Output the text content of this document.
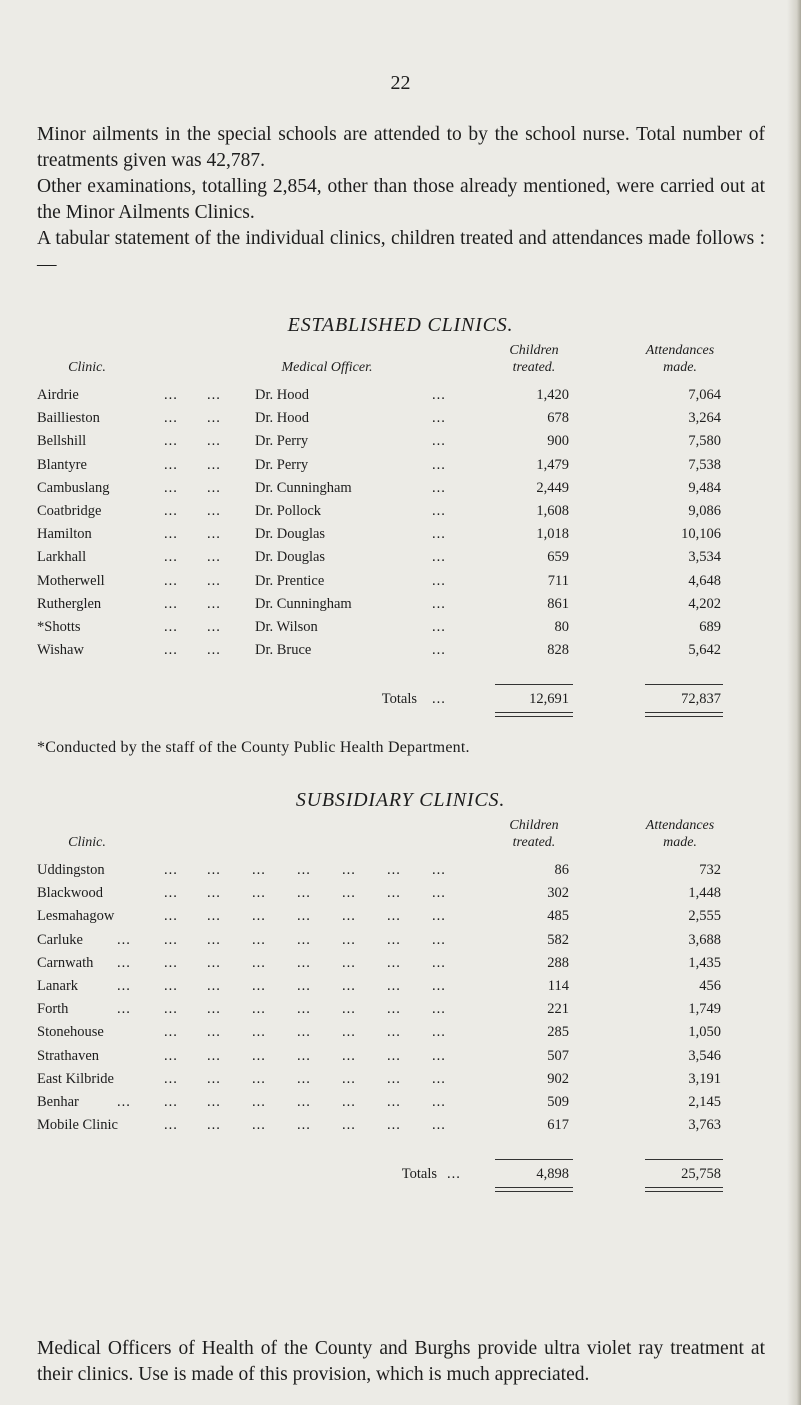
22

Minor ailments in the special schools are attended to by the school nurse. Total number of treatments given was 42,787.

Other examinations, totalling 2,854, other than those already mentioned, were carried out at the Minor Ailments Clinics.

A tabular statement of the individual clinics, children treated and attendances made follows :—

ESTABLISHED CLINICS.
Clinic.	Medical Officer.
Children
treated.
Attendances
made.
Airdrie	... ... Dr. Hood	...	1,420	7,064
Baillieston	... ... Dr. Hood	...	678	3,264
Bellshill	... ... Dr. Perry	...	900	7,580
Blantyre	... ... Dr. Perry	...	1,479	7,538
Cambuslang	... ... Dr. Cunningham	...	2,449	9,484
Coatbridge	... ... Dr. Pollock	...	1,608	9,086
Hamilton	... ... Dr. Douglas	...	1,018	10,106
Larkhall	... ... Dr. Douglas	...	659	3,534
Motherwell	... ... Dr. Prentice	...	711	4,648
Rutherglen	... ... Dr. Cunningham	...	861	4,202
*Shotts	... ... Dr. Wilson	...	80	689
Wishaw	... ... Dr. Bruce	...	828	5,642
Totals ...	12,691	72,837
*Conducted by the staff of the County Public Health Department.
SUBSIDIARY CLINICS.
Clinic.
Children
treated.
Attendances
made.
Uddingston	... ... ... ... ... ... ...	86	732
Blackwood	... ... ... ... ... ... ...	302	1,448
Lesmahagow	... ... ... ... ... ... ...	485	2,555
Carluke ... ... ... ... ... ... ... ...	582	3,688
Carnwath ... ... ... ... ... ... ... ...	288	1,435
Lanark	... ... ... ... ... ... ... ...	114	456
Forth	... ... ... ... ... ... ... ...	221	1,749
Stonehouse	... ... ... ... ... ... ...	285	1,050
Strathaven	... ... ... ... ... ... ...	507	3,546
East Kilbride	... ... ... ... ... ... ...	902	3,191
Benhar	... ... ... ... ... ... ... ...	509	2,145
Mobile Clinic	... ... ... ... ... ... ...	617	3,763
Totals ...	4,898	25,758
Medical Officers of Health of the County and Burghs provide ultra violet ray treatment at their clinics. Use is made of this provision, which is much appreciated.
